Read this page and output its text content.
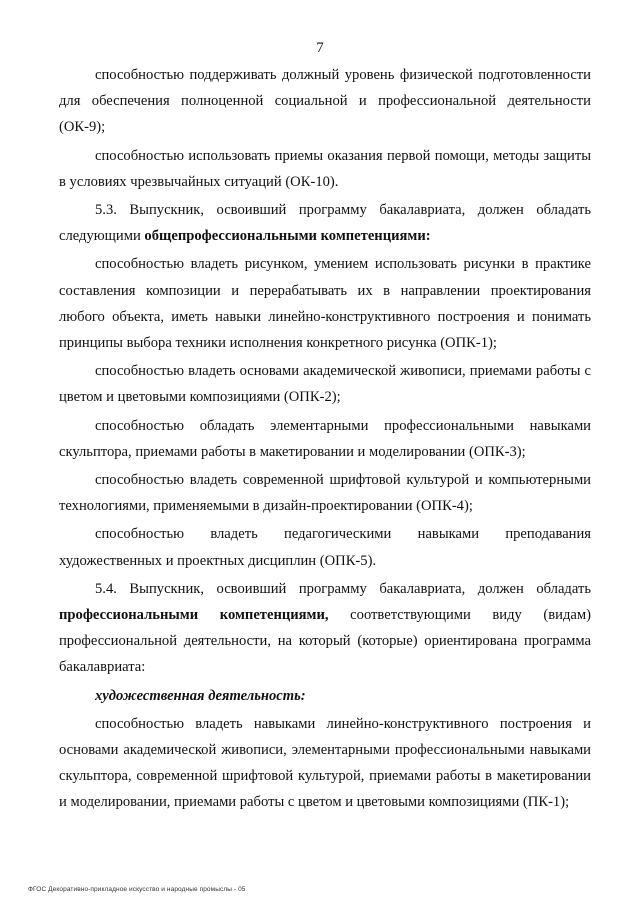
7

способностью поддерживать должный уровень физической подготовленности для обеспечения полноценной социальной и профессиональной деятельности (ОК-9);

способностью использовать приемы оказания первой помощи, методы защиты в условиях чрезвычайных ситуаций (ОК-10).

5.3. Выпускник, освоивший программу бакалавриата, должен обладать следующими общепрофессиональными компетенциями:

способностью владеть рисунком, умением использовать рисунки в практике составления композиции и перерабатывать их в направлении проектирования любого объекта, иметь навыки линейно-конструктивного построения и понимать принципы выбора техники исполнения конкретного рисунка (ОПК-1);

способностью владеть основами академической живописи, приемами работы с цветом и цветовыми композициями (ОПК-2);

способностью обладать элементарными профессиональными навыками скульптора, приемами работы в макетировании и моделировании (ОПК-3);

способностью владеть современной шрифтовой культурой и компьютерными технологиями, применяемыми в дизайн-проектировании (ОПК-4);

способностью владеть педагогическими навыками преподавания художественных и проектных дисциплин (ОПК-5).

5.4. Выпускник, освоивший программу бакалавриата, должен обладать профессиональными компетенциями, соответствующими виду (видам) профессиональной деятельности, на который (которые) ориентирована программа бакалавриата:

художественная деятельность:

способностью владеть навыками линейно-конструктивного построения и основами академической живописи, элементарными профессиональными навыками скульптора, современной шрифтовой культурой, приемами работы в макетировании и моделировании, приемами работы с цветом и цветовыми композициями (ПК-1);

ФГОС Декоративно-прикладное искусство и народные промыслы - 05
